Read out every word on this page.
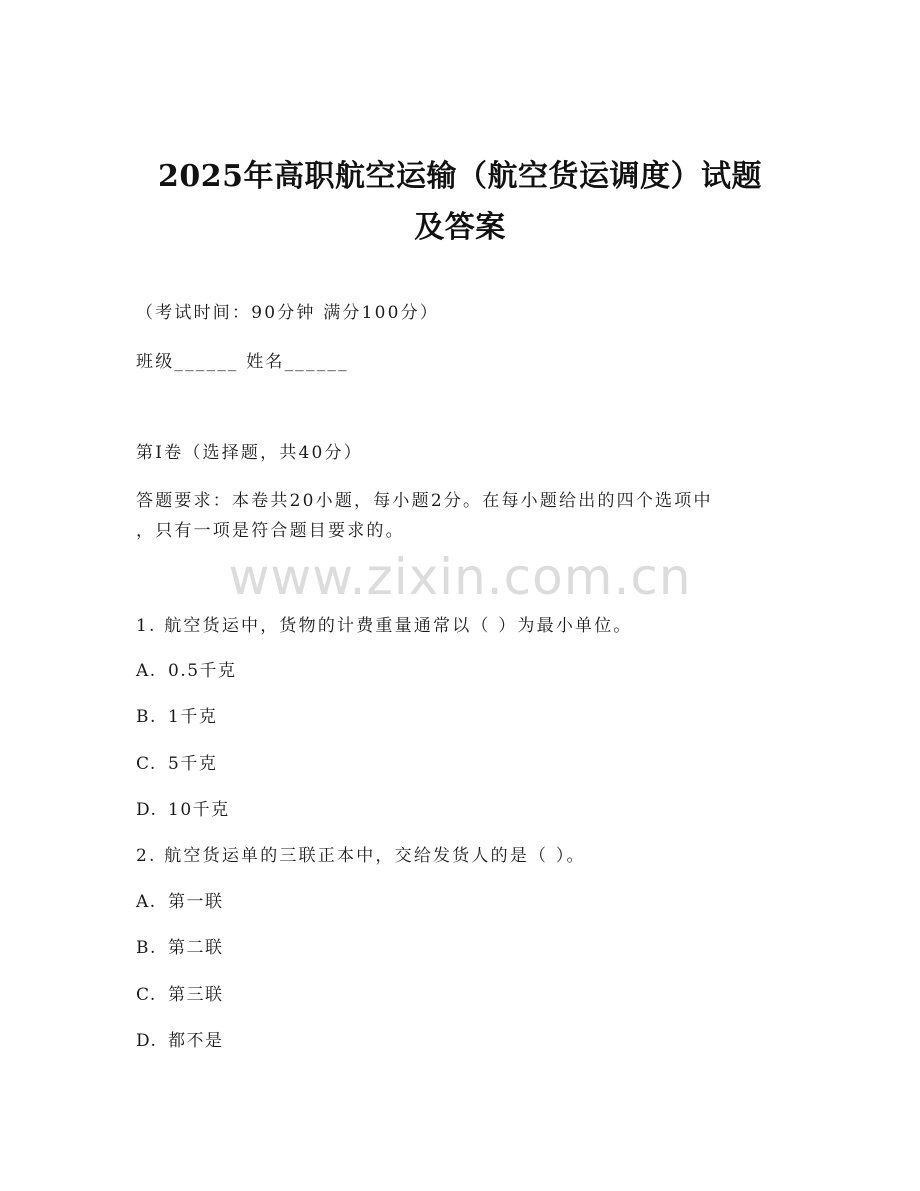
www.zixin.com.cn
2025年高职航空运输（航空货运调度）试题
及答案
（考试时间：90分钟 满分100分）
班级______ 姓名______
第I卷（选择题，共40分）
答题要求：本卷共20小题，每小题2分。在每小题给出的四个选项中
，只有一项是符合题目要求的。
1. 航空货运中，货物的计费重量通常以（ ）为最小单位。
A. 0.5千克
B. 1千克
C. 5千克
D. 10千克
2. 航空货运单的三联正本中，交给发货人的是（ ）。
A. 第一联
B. 第二联
C. 第三联
D. 都不是
